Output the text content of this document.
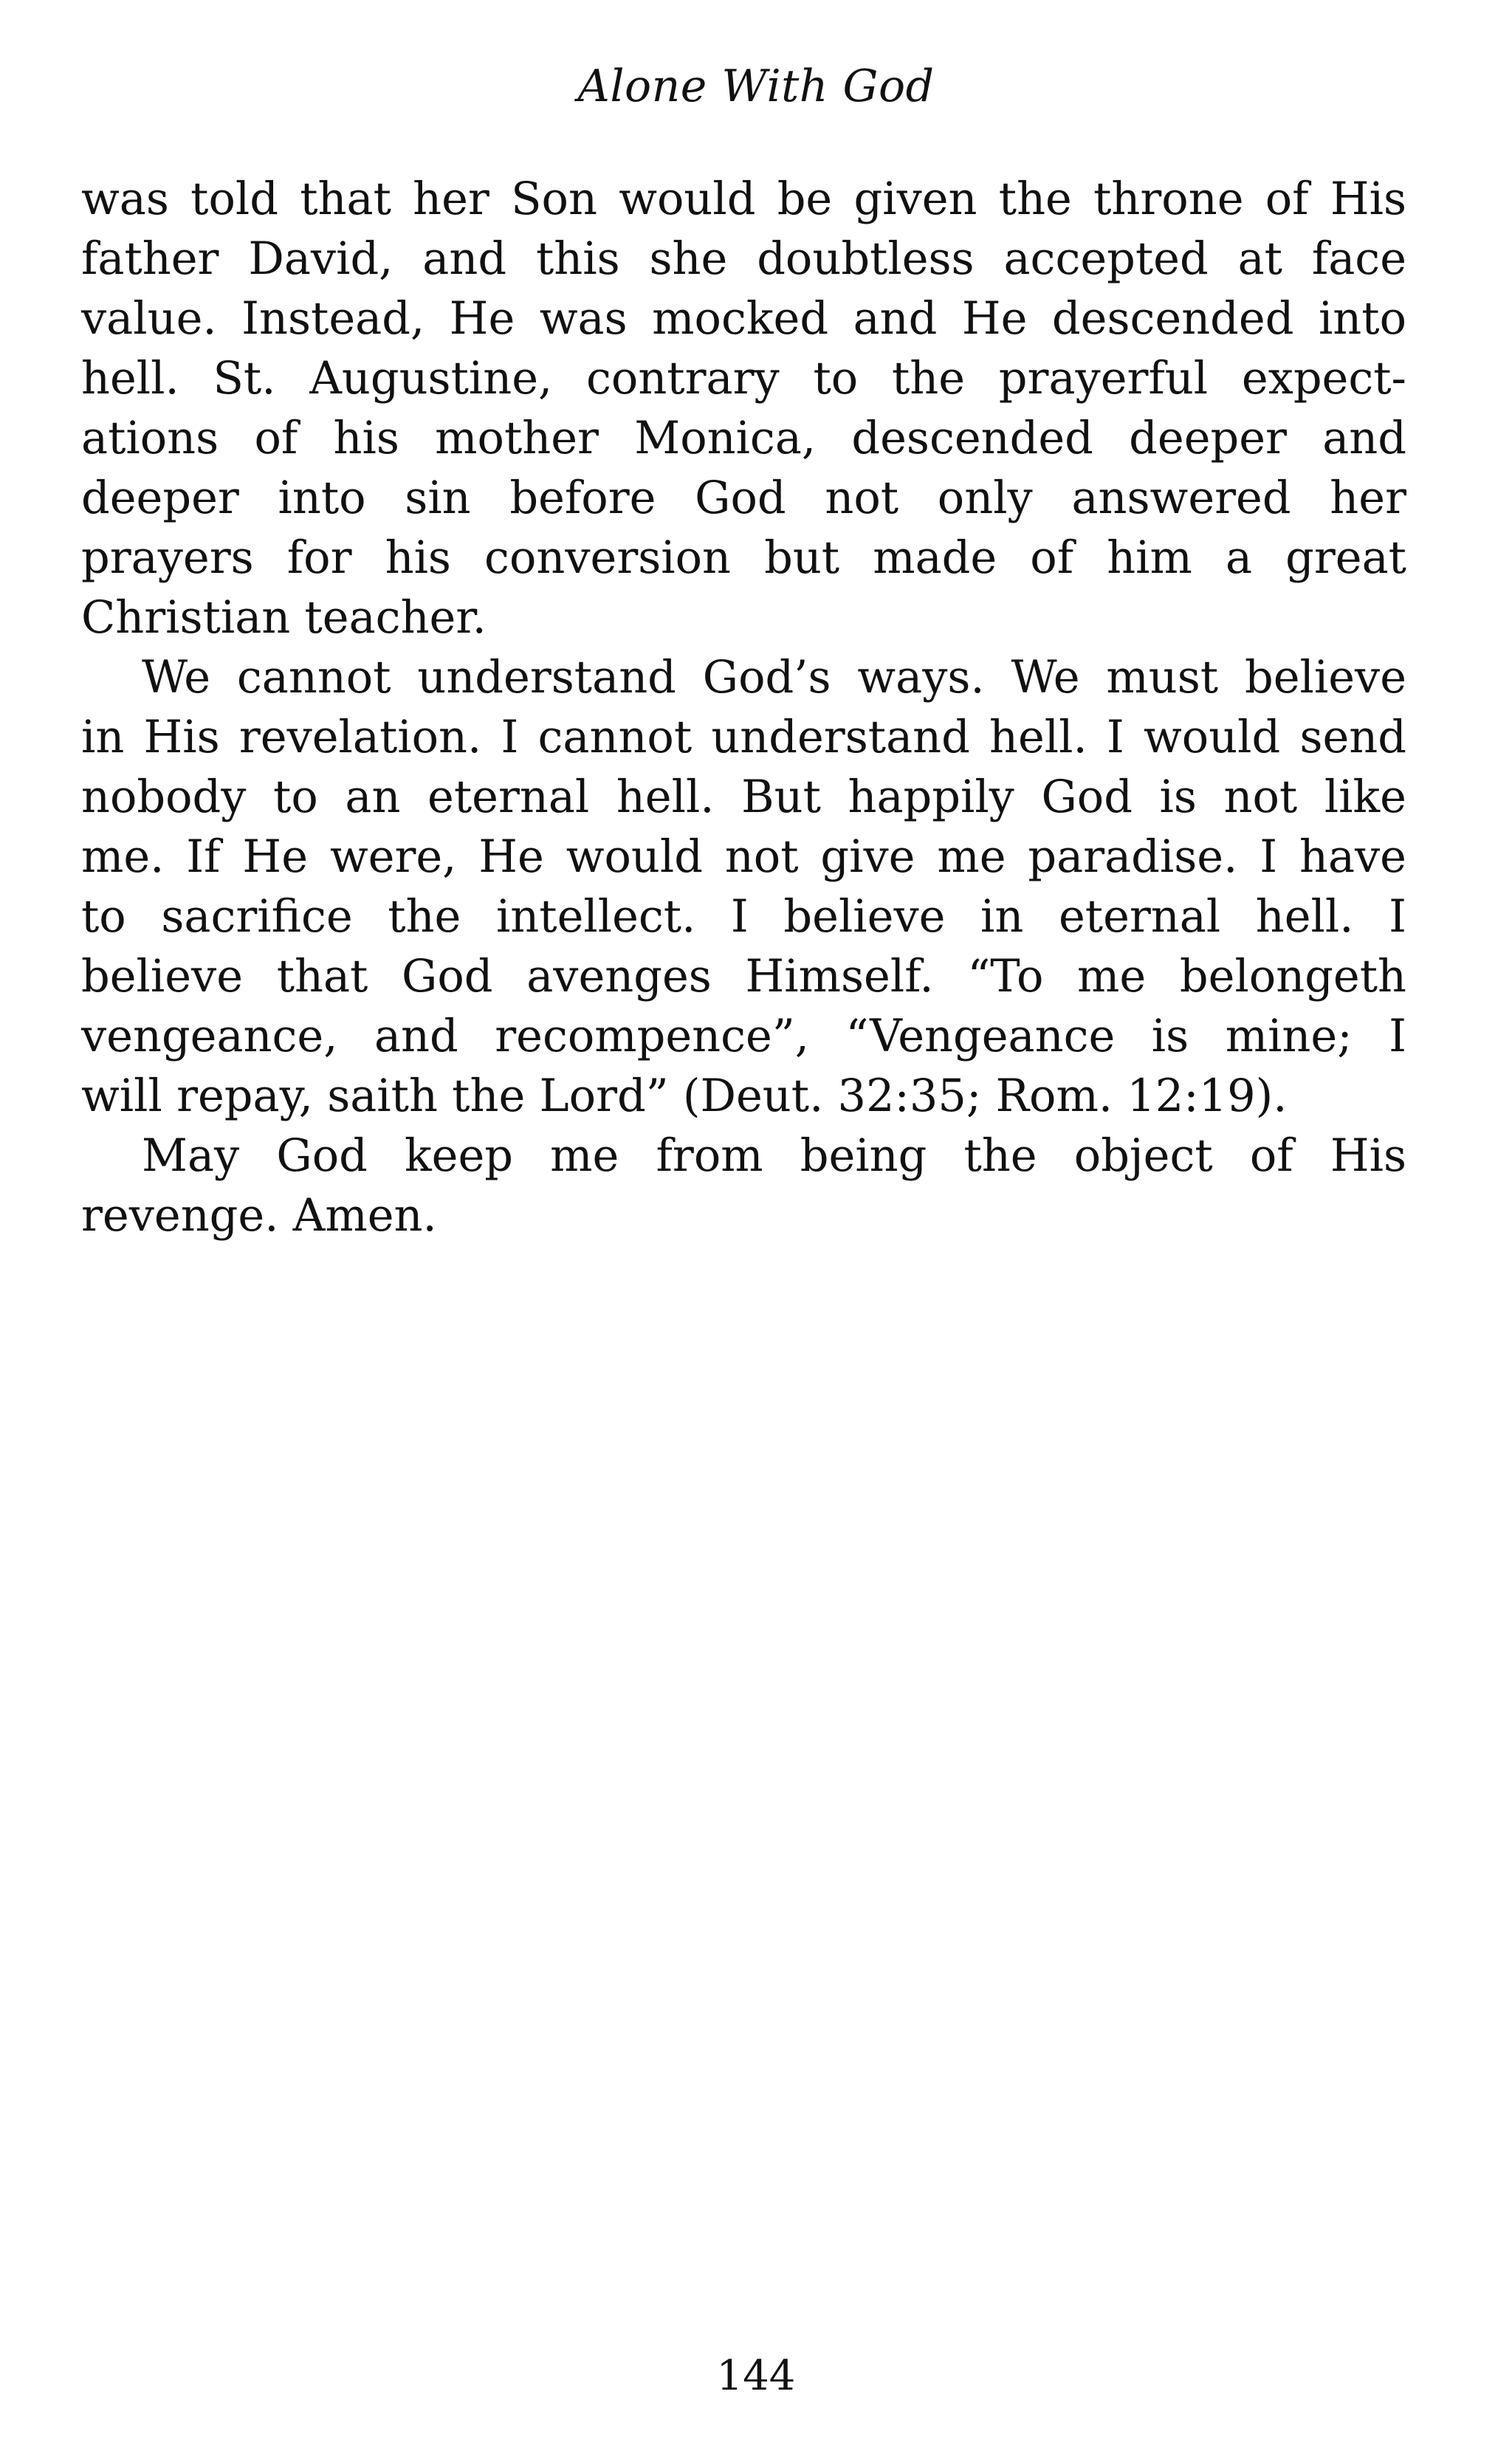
Alone With God
was told that her Son would be given the throne of His
father David, and this she doubtless accepted at face
value. Instead, He was mocked and He descended into
hell. St. Augustine, contrary to the prayerful expect-
ations of his mother Monica, descended deeper and
deeper into sin before God not only answered her
prayers for his conversion but made of him a great
Christian teacher.
We cannot understand God’s ways. We must believe
in His revelation. I cannot understand hell. I would send
nobody to an eternal hell. But happily God is not like
me. If He were, He would not give me paradise. I have
to sacrifice the intellect. I believe in eternal hell. I
believe that God avenges Himself. “To me belongeth
vengeance, and recompence”, “Vengeance is mine; I
will repay, saith the Lord” (Deut. 32:35; Rom. 12:19).
May God keep me from being the object of His
revenge. Amen.
144
